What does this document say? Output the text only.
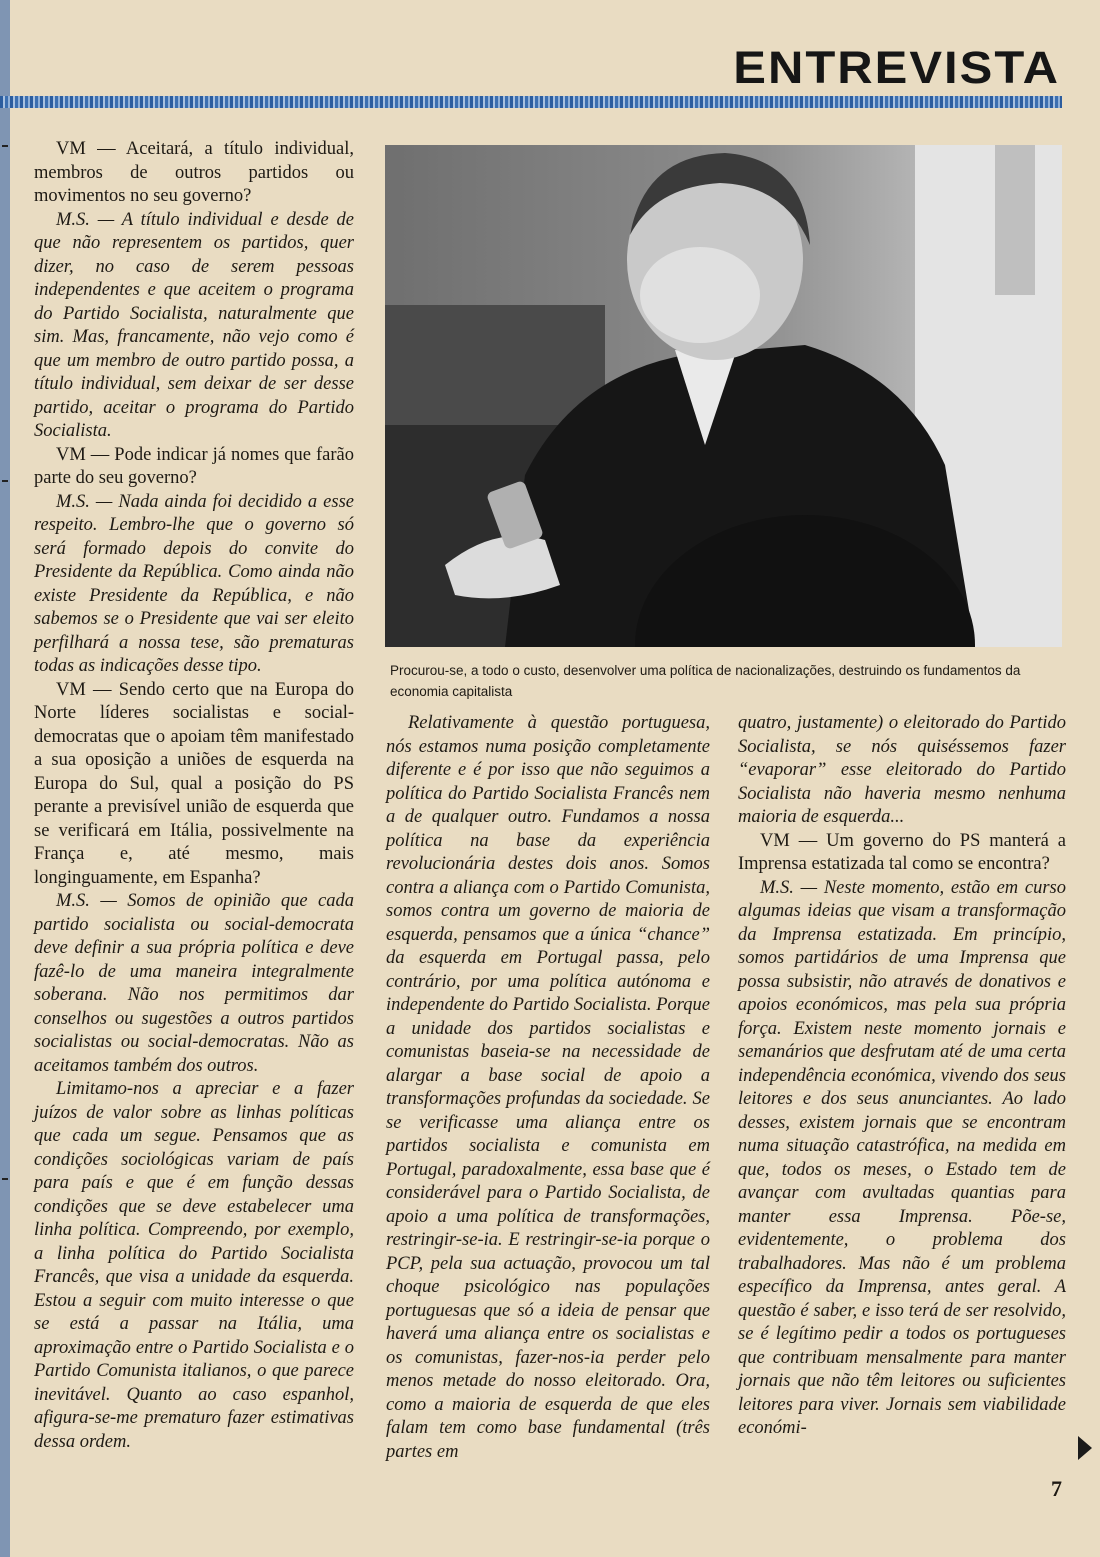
ENTREVISTA

VM — Aceitará, a título individual, membros de outros partidos ou movimentos no seu governo?

M.S. — A título individual e desde de que não representem os partidos, quer dizer, no caso de serem pessoas independentes e que aceitem o programa do Partido Socialista, naturalmente que sim. Mas, francamente, não vejo como é que um membro de outro partido possa, a título individual, sem deixar de ser desse partido, aceitar o programa do Partido Socialista.

VM — Pode indicar já nomes que farão parte do seu governo?

M.S. — Nada ainda foi decidido a esse respeito. Lembro-lhe que o governo só será formado depois do convite do Presidente da República. Como ainda não existe Presidente da República, e não sabemos se o Presidente que vai ser eleito perfilhará a nossa tese, são prematuras todas as indicações desse tipo.

VM — Sendo certo que na Europa do Norte líderes socialistas e social-democratas que o apoiam têm manifestado a sua oposição a uniões de esquerda na Europa do Sul, qual a posição do PS perante a previsível união de esquerda que se verificará em Itália, possivelmente na França e, até mesmo, mais longinguamente, em Espanha?

M.S. — Somos de opinião que cada partido socialista ou social-democrata deve definir a sua própria política e deve fazê-lo de uma maneira integralmente soberana. Não nos permitimos dar conselhos ou sugestões a outros partidos socialistas ou social-democratas. Não as aceitamos também dos outros.

Limitamo-nos a apreciar e a fazer juízos de valor sobre as linhas políticas que cada um segue. Pensamos que as condições sociológicas variam de país para país e que é em função dessas condições que se deve estabelecer uma linha política. Compreendo, por exemplo, a linha política do Partido Socialista Francês, que visa a unidade da esquerda. Estou a seguir com muito interesse o que se está a passar na Itália, uma aproximação entre o Partido Socialista e o Partido Comunista italianos, o que parece inevitável. Quanto ao caso espanhol, afigura-se-me prematuro fazer estimativas dessa ordem.

Procurou-se, a todo o custo, desenvolver uma política de nacionalizações, destruindo os fundamentos da economia capitalista

Relativamente à questão portuguesa, nós estamos numa posição completamente diferente e é por isso que não seguimos a política do Partido Socialista Francês nem a de qualquer outro. Fundamos a nossa política na base da experiência revolucionária destes dois anos. Somos contra a aliança com o Partido Comunista, somos contra um governo de maioria de esquerda, pensamos que a única “chance” da esquerda em Portugal passa, pelo contrário, por uma política autónoma e independente do Partido Socialista. Porque a unidade dos partidos socialistas e comunistas baseia-se na necessidade de alargar a base social de apoio a transformações profundas da sociedade. Se se verificasse uma aliança entre os partidos socialista e comunista em Portugal, paradoxalmente, essa base que é considerável para o Partido Socialista, de apoio a uma política de transformações, restringir-se-ia. E restringir-se-ia porque o PCP, pela sua actuação, provocou um tal choque psicológico nas populações portuguesas que só a ideia de pensar que haverá uma aliança entre os socialistas e os comunistas, fazer-nos-ia perder pelo menos metade do nosso eleitorado. Ora, como a maioria de esquerda de que eles falam tem como base fundamental (três partes em

quatro, justamente) o eleitorado do Partido Socialista, se nós quiséssemos fazer “evaporar” esse eleitorado do Partido Socialista não haveria mesmo nenhuma maioria de esquerda...

VM — Um governo do PS manterá a Imprensa estatizada tal como se encontra?

M.S. — Neste momento, estão em curso algumas ideias que visam a transformação da Imprensa estatizada. Em princípio, somos partidários de uma Imprensa que possa subsistir, não através de donativos e apoios económicos, mas pela sua própria força. Existem neste momento jornais e semanários que desfrutam até de uma certa independência económica, vivendo dos seus leitores e dos seus anunciantes. Ao lado desses, existem jornais que se encontram numa situação catastrófica, na medida em que, todos os meses, o Estado tem de avançar com avultadas quantias para manter essa Imprensa. Põe-se, evidentemente, o problema dos trabalhadores. Mas não é um problema específico da Imprensa, antes geral. A questão é saber, e isso terá de ser resolvido, se é legítimo pedir a todos os portugueses que contribuam mensalmente para manter jornais que não têm leitores ou suficientes leitores para viver. Jornais sem viabilidade económi-

7
